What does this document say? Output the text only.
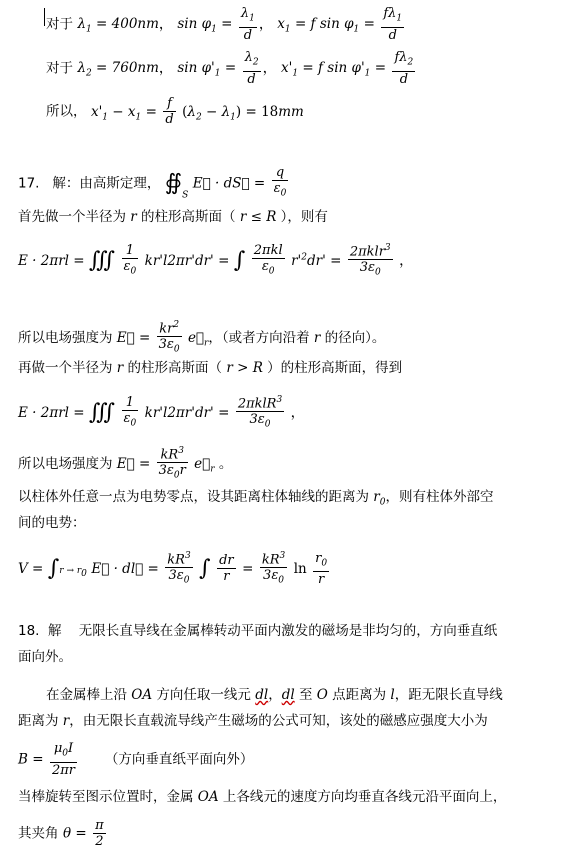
对于 $\lambda_1 = 400nm$， $\sin \varphi_1 = \frac{\lambda_1}{d}$ ， $x_1 = f$ $\sin \varphi_1 = \frac{f\lambda_1}{d}$
对于 $\lambda_2 = 760nm$， $\sin \varphi'_1 = \frac{\lambda_2}{d}$ ， $x'_1 = f$ $\sin \varphi'_1 = \frac{f\lambda_2}{d}$
所以， $x'_1 - x_1 = \frac{f}{d} (\lambda_2 - \lambda_1) = 18mm$
17.   解：由高斯定理， $∯_S$ E⃗ · dS⃗ = $\frac{q}{\varepsilon_0}$
首先做一个半径为 r 的柱形高斯面（ r ≤ R ），则有
E · 2πrl = ∭ $\frac{1}{\varepsilon_0} kr'l2\pi r'dr'$ = ∫ $\frac{\text{2πkl}}{\varepsilon_0} r'^2dr' = \frac{2\pi klr^3}{3\varepsilon_0}$ ，
所以电场强度为 E⃗ = $\frac{kr^2}{3\varepsilon_0}$ $e⃗_r$，（或者方向沿着 r 的径向）。
再做一个半径为 r 的柱形高斯面（ r > R ）的柱形高斯面，得到
E · 2πrl = ∭ $\frac{1}{\varepsilon_0} kr'l2\pi r'dr' = \frac{2\pi klR^3}{3\varepsilon_0}$ ，
所以电场强度为 E⃗ = $\frac{kR^3}{3\varepsilon_0r}$ $e⃗_r$ 。
以柱体外任意一点为电势零点，设其距离柱体轴线的距离为 $r_0$，则有柱体外部空
间的电势：
$V = \int r \to r_0$ E⃗ · dl⃗ = $\frac{kR^3}{3\varepsilon_0}$ ∫ $\frac{dr}{r} = \frac{kR^3}{3\varepsilon_0}$ $\ln \frac{r_0}{r}$
18.  解    无限长直导线在金属棒转动平面内激发的磁场是非均匀的，方向垂直纸
面向外。
在金属棒上沿 OA 方向任取一线元 dl，dl 至 O 点距离为 l，距无限长直导线
距离为 r，由无限长直载流导线产生磁场的公式可知，该处的磁感应强度大小为
$B = \frac{\mu_0I}{2\pi r}$ （方向垂直纸平面向外）
当棒旋转至图示位置时，金属 OA 上各线元的速度方向均垂直各线元沿平面向上，
其夹角 $\theta = \frac{\pi}{2}$
